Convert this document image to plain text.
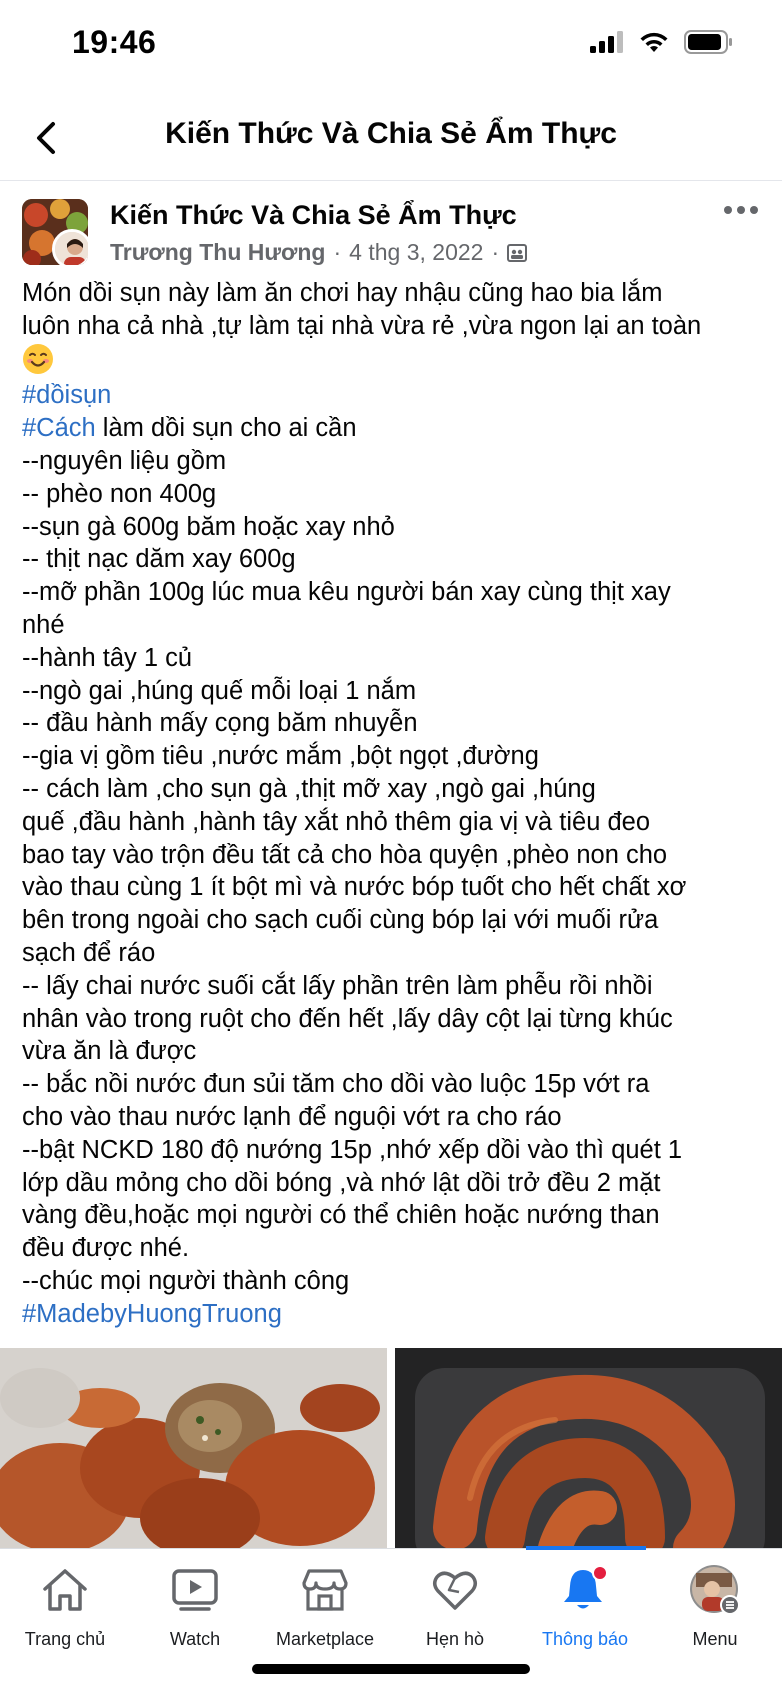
19:46
Kiến Thức Và Chia Sẻ Ẩm Thực
Kiến Thức Và Chia Sẻ Ẩm Thực
Trương Thu Hương · 4 thg 3, 2022 ·
Món dồi sụn này làm ăn chơi hay nhậu cũng hao bia lắm
luôn nha cả nhà ,tự làm tại nhà vừa rẻ ,vừa ngon lại an toàn
#dồisụn
#Cách làm dồi sụn cho ai cần
--nguyên liệu gồm
-- phèo non 400g
--sụn gà 600g băm hoặc xay nhỏ
-- thịt nạc dăm xay 600g
--mỡ phần 100g lúc mua kêu người bán xay cùng thịt xay
nhé
--hành tây 1 củ
--ngò gai ,húng quế mỗi loại 1 nắm
-- đầu hành mấy cọng băm nhuyễn
--gia vị gồm tiêu ,nước mắm ,bột ngọt ,đường
-- cách làm ,cho sụn gà ,thịt mỡ xay ,ngò gai ,húng
quế ,đầu hành ,hành tây xắt nhỏ thêm gia vị và tiêu đeo
bao tay vào trộn đều tất cả cho hòa quyện ,phèo non cho
vào thau cùng 1 ít bột mì và nước bóp tuốt cho hết chất xơ
bên trong ngoài cho sạch cuối cùng bóp lại với muối rửa
sạch để ráo
-- lấy chai nước suối cắt lấy phần trên làm phễu rồi nhồi
nhân vào trong ruột cho đến hết ,lấy dây cột lại từng khúc
vừa ăn là được
-- bắc nồi nước đun sủi tăm cho dồi vào luộc 15p vớt ra
cho vào thau nước lạnh để nguội vớt ra cho ráo
--bật NCKD 180 độ nướng 15p ,nhớ xếp dồi vào thì quét 1
lớp dầu mỏng cho dồi bóng ,và nhớ lật dồi trở đều 2 mặt
vàng đều,hoặc mọi người có thể chiên hoặc nướng than
đều được nhé.
--chúc mọi người thành công
#MadebyHuongTruong
Trang chủ	Watch	Marketplace	Hẹn hò	Thông báo	Menu
